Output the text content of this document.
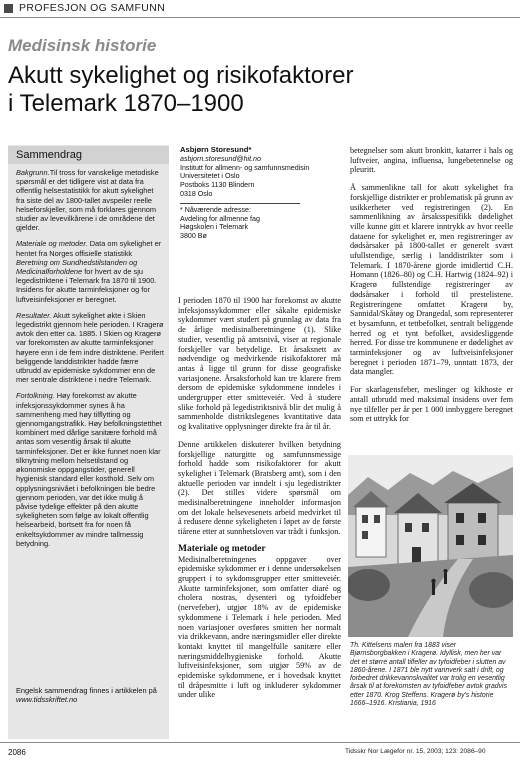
PROFESJON OG SAMFUNN
Medisinsk historie
Akutt sykelighet og risikofaktorer
i Telemark 1870–1900
Sammendrag

Bakgrunn.Til tross for vanskelige metodiske spørsmål er det tidligere vist at data fra offentlig helsestatistikk for akutt sykelighet fra siste del av 1800-tallet avspeiler reelle helseforskjeller, som må forklares gjennom studier av levevilkårene i de områdene det gjelder.

Materiale og metoder. Data om sykelighet er hentet fra Norges offisielle statistikk Beretning om Sundhedstilstanden og Medicinalforholdene for hvert av de sju legedistriktene i Telemark fra 1870 til 1900. Insidens for akutte tarminfeksjoner og for luftveisinfeksjoner er beregnet.

Resultater. Akutt sykelighet økte i Skien legedistrikt gjennom hele perioden. I Kragerø avtok den etter ca. 1885. I Skien og Kragerø var forekomsten av akutte tarminfeksjoner høyere enn i de fem indre distriktene. Perifert beliggende landdistrikter hadde færre utbrudd av epidemiske sykdommer enn de mer sentrale distriktene i nedre Telemark.

Fortolkning. Høy forekomst av akutte infeksjonssykdommer synes å ha sammenheng med høy tilflytting og gjennomgangstrafikk. Høy befolkningstetthet kombinert med dårlige sanitære forhold må antas som vesentlig årsak til akutte tarminfeksjoner. Det er ikke funnet noen klar tilknytning mellom helsetilstand og økonomiske oppgangstider, generell hygienisk standard eller kosthold. Selv om opplysningsnivået i befolkningen ble bedre gjennom perioden, var det ikke mulig å påvise tydelige effekter på den akutte sykeligheten som følge av lokalt offentlig helsearbeid, bortsett fra for noen få enkeltsykdommer av mindre tallmessig betydning.

Engelsk sammendrag finnes i artikkelen på www.tidsskriftet.no
Asbjørn Storesund*
asbjorn.storesund@hit.no
Institutt for allmenn- og samfunnsmedisin
Universitetet i Oslo
Postboks 1130 Blindern
0318 Oslo
* Nåværende adresse:
Avdeling for allmenne fag
Høgskolen i Telemark
3800 Bø

I perioden 1870 til 1900 har forekomst av akutte infeksjonssykdommer eller såkalte epidemiske sykdommer vært studert på grunnlag av data fra de årlige medisinalberetningene (1). Slike studier, vesentlig på amtsnivå, viser at regionale forskjeller var betydelige. Et årsaksnett av nødvendige og medvirkende risikofaktorer må antas å ligge til grunn for disse geografiske variasjonene. Årsaksforhold kan tre klarere frem dersom de epidemiske sykdommene inndeles i undergrupper etter smitteveiér. Ved å studere slike forhold på legedistriktsnivå blir det mulig å sammenholde distriktslegenes kvantitative data og kvalitative opplysninger direkte fra år til år.

Denne artikkelen diskuterer hvilken betydning forskjellige naturgitte og samfunnsmessige forhold hadde som risikofaktorer for akutt sykelighet i Telemark (Bratsberg amt), som i den aktuelle perioden var inndelt i sju legedistrikter (2). Det stilles videre spørsmål om medisinalberetningene inneholder informasjon om det lokale helsevesenets arbeid medvirket til å redusere denne sykeligheten i løpet av de første tiårene etter at sunnhetsloven var trådt i funksjon.

Materiale og metoder

Medisinalberetningenes oppgaver over epidemiske sykdommer er i denne undersøkelsen gruppert i to sykdomsgrupper etter smitteveiér. Akutte tarminfeksjoner, som omfatter diaré og cholera nostras, dysenteri og tyfoidfeber (nervefeber), utgjør 18% av de epidemiske sykdommene i Telemark i hele perioden. Med noen variasjoner overføres smitten her normalt via drikkevann, andre næringsmidler eller direkte kontakt knyttet til mangelfulle sanitære eller næringsmiddelhygieniske forhold. Akutte luftveisinfeksjoner, som utgjør 59% av de epidemiske sykdommene, er i hovedsak knyttet til dråpesmitte i luft og inkluderer sykdommer under ulike

betegnelser som akutt bronkitt, katarrer i hals og luftveier, angina, influensa, lungebetennelse og pleuritt.

Å sammenlikne tall for akutt sykelighet fra forskjellige distrikter er problematisk på grunn av usikkerheter ved registreringen (2). En sammenlikning av årsaksspesifikk dødelighet ville kunne gitt et klarere inntrykk av hvor reelle dataene for sykelighet er, men registreringer av dødsårsaker på 1800-tallet er generelt svært ufullstendige, særlig i landdistrikter som i Telemark. I 1870-årene gjorde imidlertid C.H. Homann (1826–80) og C.H. Hartwig (1824–92) i Kragerø fullstendige registreringer av dødsårsaker i forhold til prestelistene. Registreringene omfattet Kragerø by, Sannidal/Skåtøy og Drangedal, som representerer et bysamfunn, et tettbefolket, sentralt beliggende herred og et tynt befolket, avsidesliggende herred. For disse tre kommunene er dødelighet av tarminfeksjoner og av luftveisinfeksjoner beregnet i perioden 1871–79, unntatt 1873, der data mangler.

For skarlagensfeber, meslinger og kikhoste er antall utbrudd med maksimal insidens over fem nye tilfeller per år per 1 000 innbyggere beregnet som et uttrykk for

Th. Kittelsens maleri fra 1883 viser Bjørnsborgbakken i Kragerø. Idyllisk, men her var det et større antall tilfeller av tyfoidfeber i slutten av 1860-årene. I 1871 ble nytt vannverk satt i drift, og forbedret drikkevannskvalitet var trolig en vesentlig årsak til at forekomsten av tyfoidfeber avtok gradvis etter 1870. Krog Steffens. Kragerø by's historie 1666–1916. Kristiania, 1916
2086	Tidsskr Nor Lægefor nr. 15, 2003; 123: 2086–90
